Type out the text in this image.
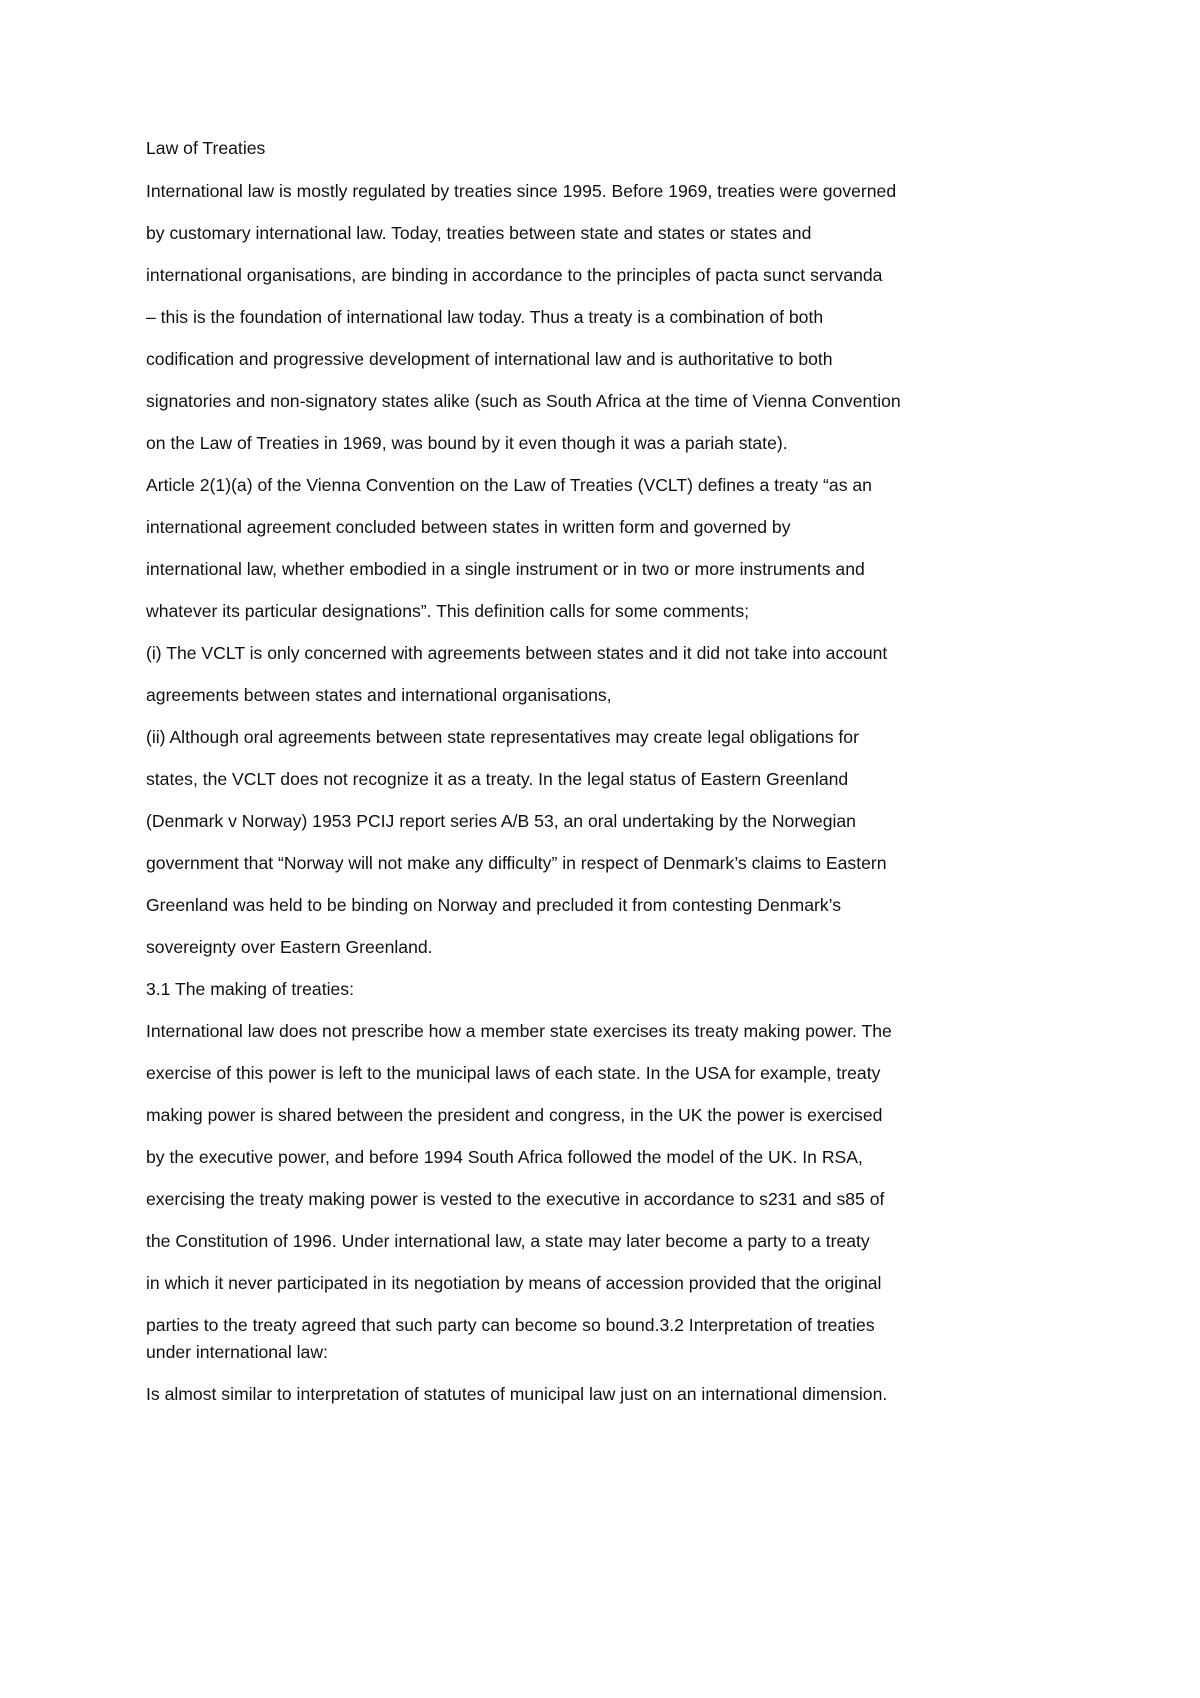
Law of Treaties

International law is mostly regulated by treaties since 1995. Before 1969, treaties were governed

by customary international law. Today, treaties between state and states or states and

international organisations, are binding in accordance to the principles of pacta sunct servanda

– this is the foundation of international law today. Thus a treaty is a combination of both

codification and progressive development of international law and is authoritative to both

signatories and non-signatory states alike (such as South Africa at the time of Vienna Convention

on the Law of Treaties in 1969, was bound by it even though it was a pariah state).

Article 2(1)(a) of the Vienna Convention on the Law of Treaties (VCLT) defines a treaty “as an

international agreement concluded between states in written form and governed by

international law, whether embodied in a single instrument or in two or more instruments and

whatever its particular designations”. This definition calls for some comments;

(i) The VCLT is only concerned with agreements between states and it did not take into account

agreements between states and international organisations,

(ii) Although oral agreements between state representatives may create legal obligations for

states, the VCLT does not recognize it as a treaty. In the legal status of Eastern Greenland

(Denmark v Norway) 1953 PCIJ report series A/B 53, an oral undertaking by the Norwegian

government that “Norway will not make any difficulty” in respect of Denmark’s claims to Eastern

Greenland was held to be binding on Norway and precluded it from contesting Denmark’s

sovereignty over Eastern Greenland.

3.1 The making of treaties:

International law does not prescribe how a member state exercises its treaty making power. The

exercise of this power is left to the municipal laws of each state. In the USA for example, treaty

making power is shared between the president and congress, in the UK the power is exercised

by the executive power, and before 1994 South Africa followed the model of the UK. In RSA,

exercising the treaty making power is vested to the executive in accordance to s231 and s85 of

the Constitution of 1996. Under international law, a state may later become a party to a treaty

in which it never participated in its negotiation by means of accession provided that the original

parties to the treaty agreed that such party can become so bound.3.2 Interpretation of treaties

under international law:

Is almost similar to interpretation of statutes of municipal law just on an international dimension.
